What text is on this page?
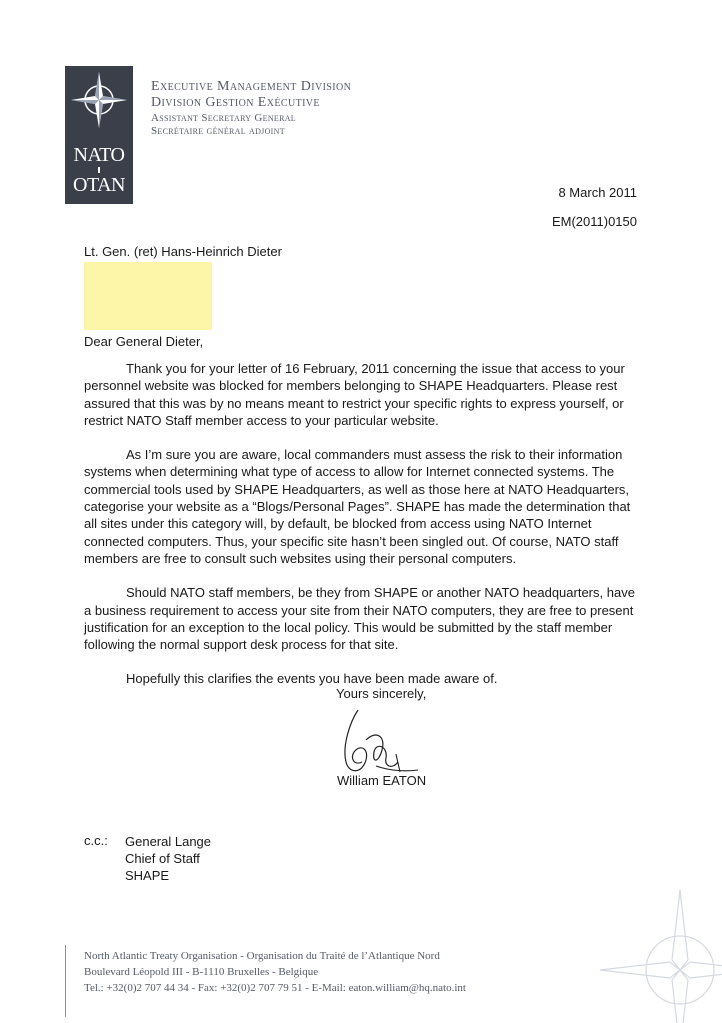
NATO
OTAN
Executive Management Division
Division Gestion Exécutive
Assistant Secretary General
Secrétaire général adjoint
8 March 2011
EM(2011)0150
Lt. Gen. (ret) Hans-Heinrich Dieter
Dear General Dieter,

Thank you for your letter of 16 February, 2011 concerning the issue that access to your personnel website was blocked for members belonging to SHAPE Headquarters. Please rest assured that this was by no means meant to restrict your specific rights to express yourself, or restrict NATO Staff member access to your particular website.

As I’m sure you are aware, local commanders must assess the risk to their information systems when determining what type of access to allow for Internet connected systems. The commercial tools used by SHAPE Headquarters, as well as those here at NATO Headquarters, categorise your website as a “Blogs/Personal Pages”. SHAPE has made the determination that all sites under this category will, by default, be blocked from access using NATO Internet connected computers. Thus, your specific site hasn’t been singled out. Of course, NATO staff members are free to consult such websites using their personal computers.

Should NATO staff members, be they from SHAPE or another NATO headquarters, have a business requirement to access your site from their NATO computers, they are free to present justification for an exception to the local policy. This would be submitted by the staff member following the normal support desk process for that site.

Hopefully this clarifies the events you have been made aware of.

Yours sincerely,
William EATON
c.c.: General Lange
Chief of Staff
SHAPE
North Atlantic Treaty Organisation - Organisation du Traité de l’Atlantique Nord
Boulevard Léopold III - B-1110 Bruxelles - Belgique
Tel.: +32(0)2 707 44 34 - Fax: +32(0)2 707 79 51 - E-Mail: eaton.william@hq.nato.int
